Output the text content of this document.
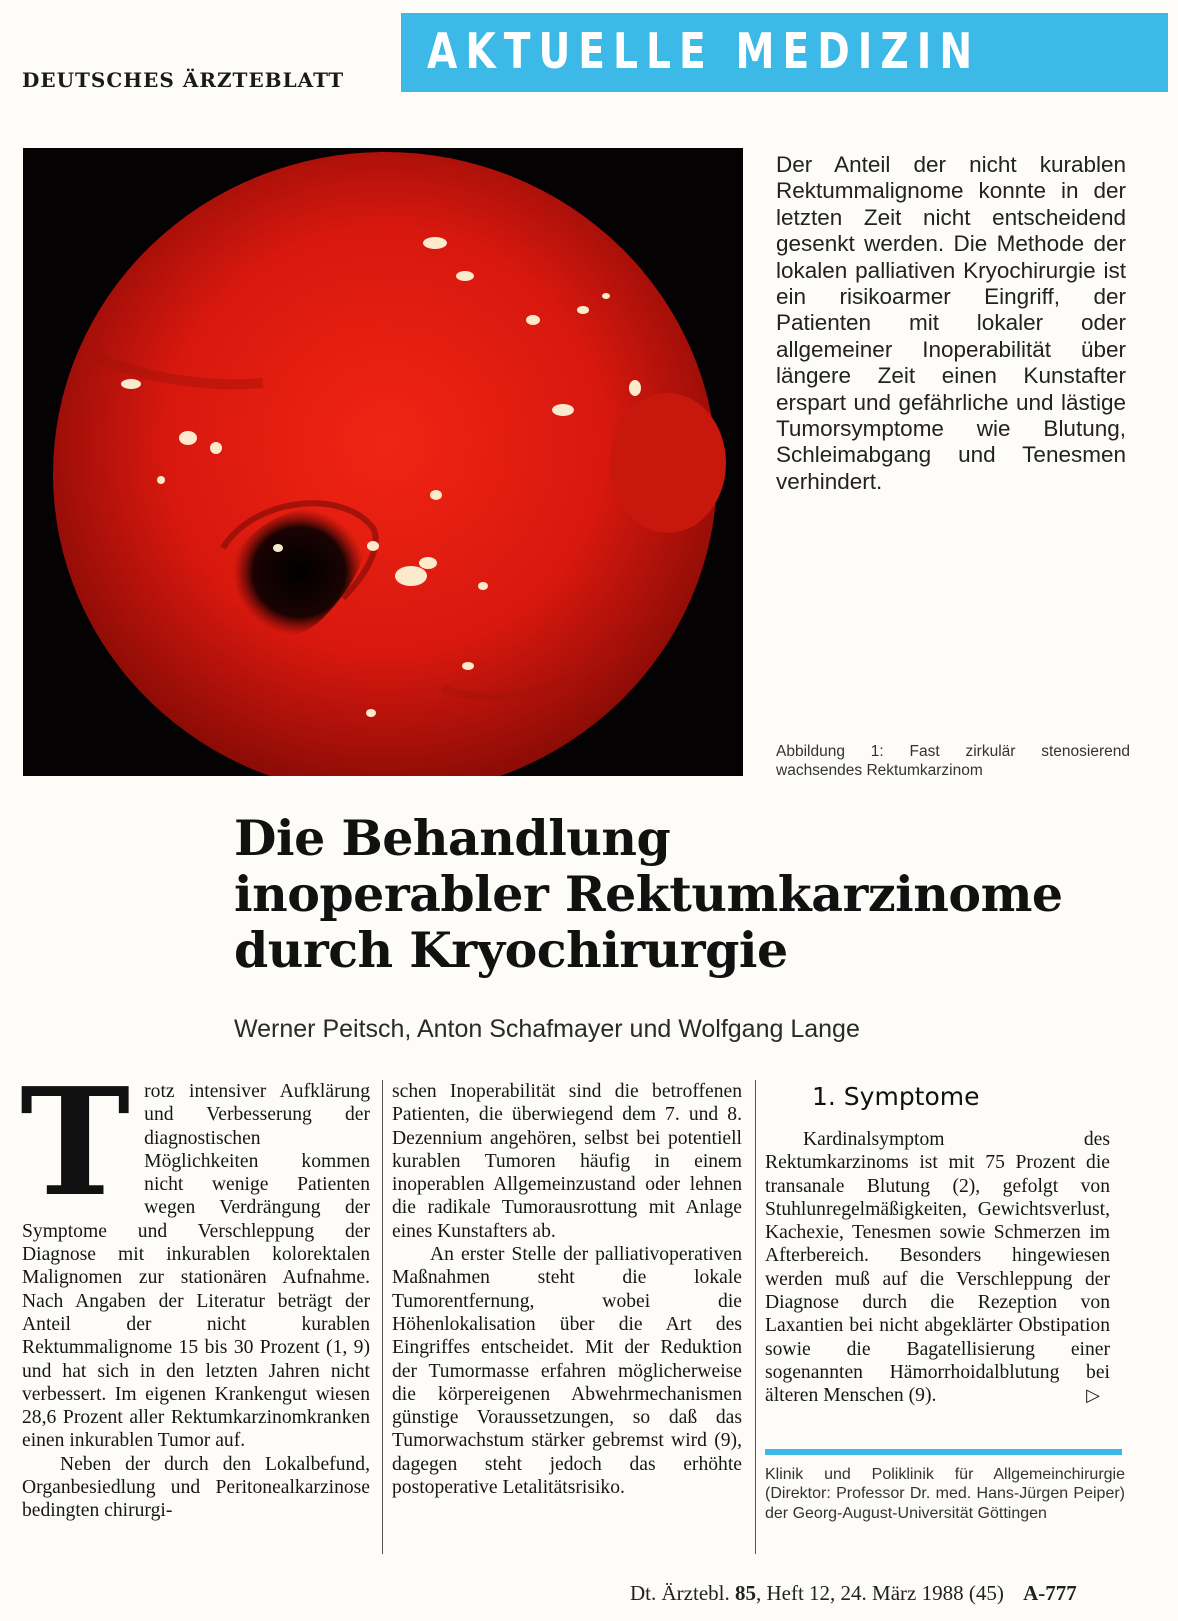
DEUTSCHES ÄRZTEBLATT AKTUELLE MEDIZIN
Der Anteil der nicht kurablen Rektummalignome konnte in der letzten Zeit nicht entscheidend gesenkt werden. Die Methode der lokalen palliativen Kryochirurgie ist ein risikoarmer Eingriff, der Patienten mit lokaler oder allgemeiner Inoperabilität über längere Zeit einen Kunstafter erspart und gefährliche und lästige Tumorsymptome wie Blutung, Schleimabgang und Tenesmen verhindert.
Abbildung 1: Fast zirkulär stenosierend wachsendes Rektumkarzinom
Die Behandlung
inoperabler Rektumkarzinome
durch Kryochirurgie
Werner Peitsch, Anton Schafmayer und Wolfgang Lange

Trotz intensiver Aufklärung und Verbesserung der diagnostischen Möglichkeiten kommen nicht wenige Patienten wegen Verdrängung der Symptome und Verschleppung der Diagnose mit inkurablen kolorektalen Malignomen zur stationären Aufnahme. Nach Angaben der Literatur beträgt der Anteil der nicht kurablen Rektummalignome 15 bis 30 Prozent (1, 9) und hat sich in den letzten Jahren nicht verbessert. Im eigenen Krankengut wiesen 28,6 Prozent aller Rektumkarzinomkranken einen inkurablen Tumor auf.

Neben der durch den Lokalbefund, Organbesiedlung und Peritonealkarzinose bedingten chirurgi-

schen Inoperabilität sind die betroffenen Patienten, die überwiegend dem 7. und 8. Dezennium angehören, selbst bei potentiell kurablen Tumoren häufig in einem inoperablen Allgemeinzustand oder lehnen die radikale Tumorausrottung mit Anlage eines Kunstafters ab.

An erster Stelle der palliativoperativen Maßnahmen steht die lokale Tumorentfernung, wobei die Höhenlokalisation über die Art des Eingriffes entscheidet. Mit der Reduktion der Tumormasse erfahren möglicherweise die körpereigenen Abwehrmechanismen günstige Voraussetzungen, so daß das Tumorwachstum stärker gebremst wird (9), dagegen steht jedoch das erhöhte postoperative Letalitätsrisiko.

1. Symptome

Kardinalsymptom des Rektumkarzinoms ist mit 75 Prozent die transanale Blutung (2), gefolgt von Stuhlunregelmäßigkeiten, Gewichtsverlust, Kachexie, Tenesmen sowie Schmerzen im Afterbereich. Besonders hingewiesen werden muß auf die Verschleppung der Diagnose durch die Rezeption von Laxantien bei nicht abgeklärter Obstipation sowie die Bagatellisierung einer sogenannten Hämorrhoidalblutung bei älteren Menschen (9).	▷

Klinik und Poliklinik für Allgemeinchirurgie (Direktor: Professor Dr. med. Hans-Jürgen Peiper) der Georg-August-Universität Göttingen
Dt. Ärztebl. 85, Heft 12, 24. März 1988 (45) A-777
